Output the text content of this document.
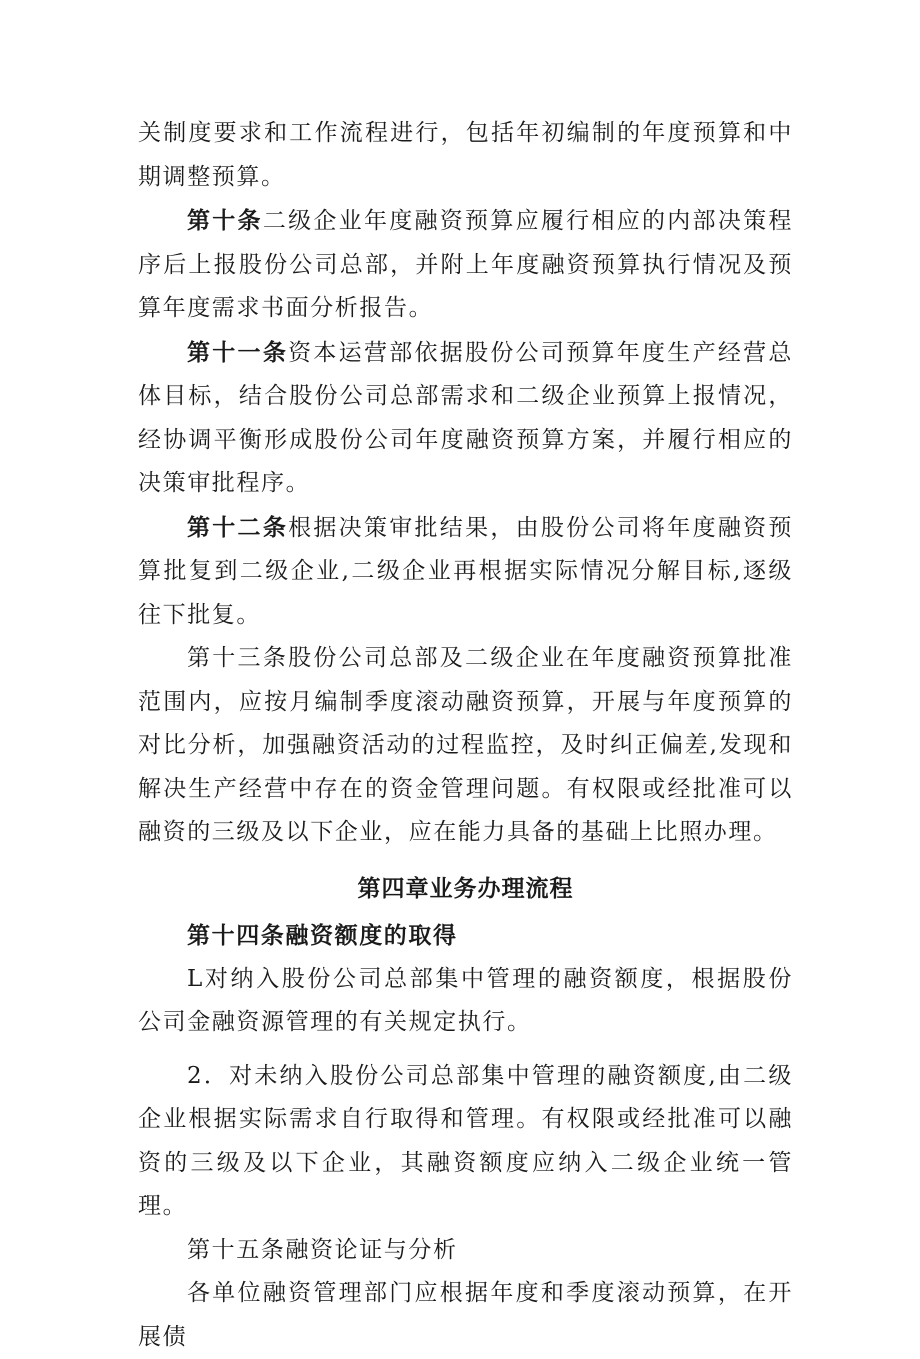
关制度要求和工作流程进行，包括年初编制的年度预算和中期调整预算。

第十条二级企业年度融资预算应履行相应的内部决策程序后上报股份公司总部，并附上年度融资预算执行情况及预算年度需求书面分析报告。

第十一条资本运营部依据股份公司预算年度生产经营总体目标，结合股份公司总部需求和二级企业预算上报情况，经协调平衡形成股份公司年度融资预算方案，并履行相应的决策审批程序。

第十二条根据决策审批结果，由股份公司将年度融资预算批复到二级企业,二级企业再根据实际情况分解目标,逐级往下批复。

第十三条股份公司总部及二级企业在年度融资预算批准范围内，应按月编制季度滚动融资预算，开展与年度预算的对比分析，加强融资活动的过程监控，及时纠正偏差,发现和解决生产经营中存在的资金管理问题。有权限或经批准可以融资的三级及以下企业，应在能力具备的基础上比照办理。

第四章业务办理流程

第十四条融资额度的取得

L对纳入股份公司总部集中管理的融资额度，根据股份公司金融资源管理的有关规定执行。

2．对未纳入股份公司总部集中管理的融资额度,由二级企业根据实际需求自行取得和管理。有权限或经批准可以融资的三级及以下企业，其融资额度应纳入二级企业统一管理。

第十五条融资论证与分析

各单位融资管理部门应根据年度和季度滚动预算，在开展债
